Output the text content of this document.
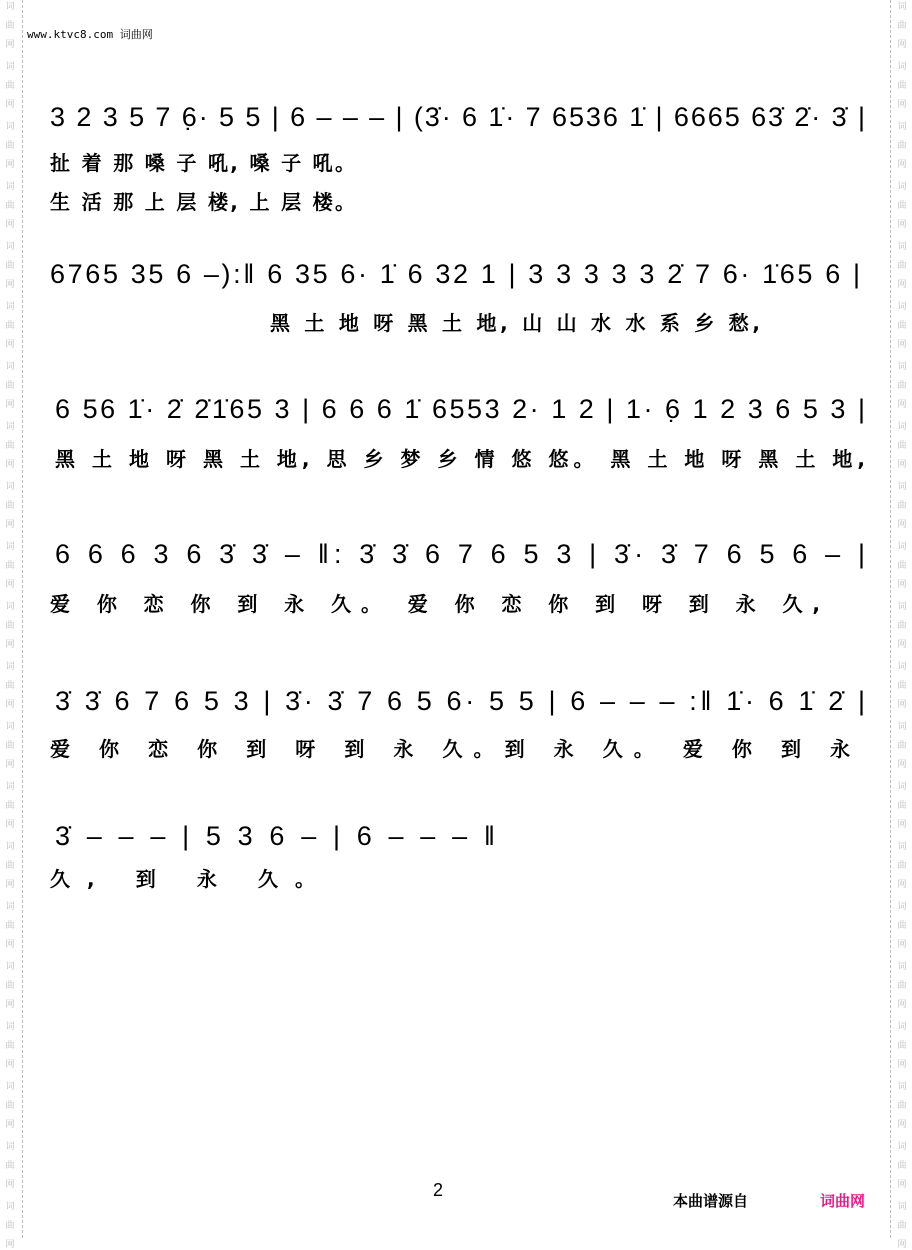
词
曲
网
词
曲
网
词
曲
网
词
曲
网
词
曲
网
词
曲
网
词
曲
网
词
曲
网
词
曲
网
词
曲
网
词
曲
网
词
曲
网
词
曲
网
词
曲
网
词
曲
网
词
曲
网
词
曲
网
词
曲
网
词
曲
网
词
曲
网
词
曲
网
词
曲
网
词
曲
网
词
曲
网
词
曲
网
词
曲
网
词
曲
网
词
曲
网
词
曲
网
词
曲
网
词
曲
网
词
曲
网
词
曲
网
词
曲
网
词
曲
网
词
曲
网
词
曲
网
词
曲
网
词
曲
网
词
曲
网
词
曲
网
词
曲
网
www.ktvc8.com 词曲网
3 2 3 5 7 6̣· 5 5 | 6 – – – | (3̇· 6 1̇· 7 6536 1̇ | 6665 63̇ 2̇· 3̇ |
扯 着 那 嗓 子 吼, 嗓 子 吼。
生 活 那 上 层 楼, 上 层 楼。
6765 35 6 –):‖ 6 35 6· 1̇ 6 32 1 | 3 3 3 3 3 2̇ 7 6· 1̇65 6 |
黑 土 地 呀 黑 土 地, 山 山 水 水 系 乡 愁,
6 56 1̇· 2̇ 2̇1̇65 3 | 6 6 6 1̇ 6553 2· 1 2 | 1· 6̣ 1 2 3 6 5 3 |
黑 土 地 呀 黑 土 地, 思 乡 梦 乡 情 悠 悠。 黑 土 地 呀 黑 土 地,
6 6 6 3 6 3̇ 3̇ – ‖: 3̇ 3̇ 6 7 6 5 3 | 3̇· 3̇ 7 6 5 6 – |
爱 你 恋 你 到 永 久。 爱 你 恋 你 到 呀 到 永 久,
3̇ 3̇ 6 7 6 5 3 | 3̇· 3̇ 7 6 5 6· 5 5 | 6 – – – :‖ 1̇· 6 1̇ 2̇ |
爱 你 恋 你 到 呀 到 永 久。到 永 久。 爱 你 到 永
3̇ – – – | 5 3 6 – | 6 – – – ‖
久, 到 永 久。
2
本曲谱源自	词曲网
